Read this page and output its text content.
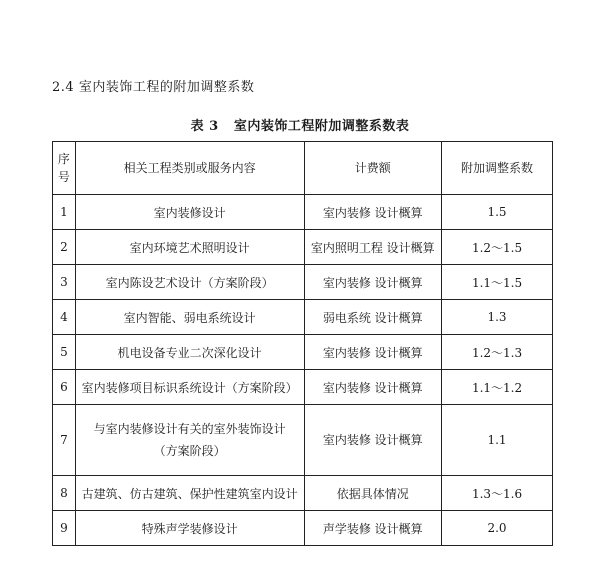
2.4 室内装饰工程的附加调整系数
表 3 室内装饰工程附加调整系数表
序
号	相关工程类别或服务内容	计费额	附加调整系数
1	室内装修设计	室内装修 设计概算	1.5
2	室内环境艺术照明设计	室内照明工程 设计概算	1.2～1.5
3	室内陈设艺术设计（方案阶段）	室内装修 设计概算	1.1～1.5
4	室内智能、弱电系统设计	弱电系统 设计概算	1.3
5	机电设备专业二次深化设计	室内装修 设计概算	1.2～1.3
6	室内装修项目标识系统设计（方案阶段）	室内装修 设计概算	1.1～1.2
7	与室内装修设计有关的室外装饰设计
（方案阶段）	室内装修 设计概算	1.1
8	古建筑、仿古建筑、保护性建筑室内设计	依据具体情况	1.3～1.6
9	特殊声学装修设计	声学装修 设计概算	2.0
